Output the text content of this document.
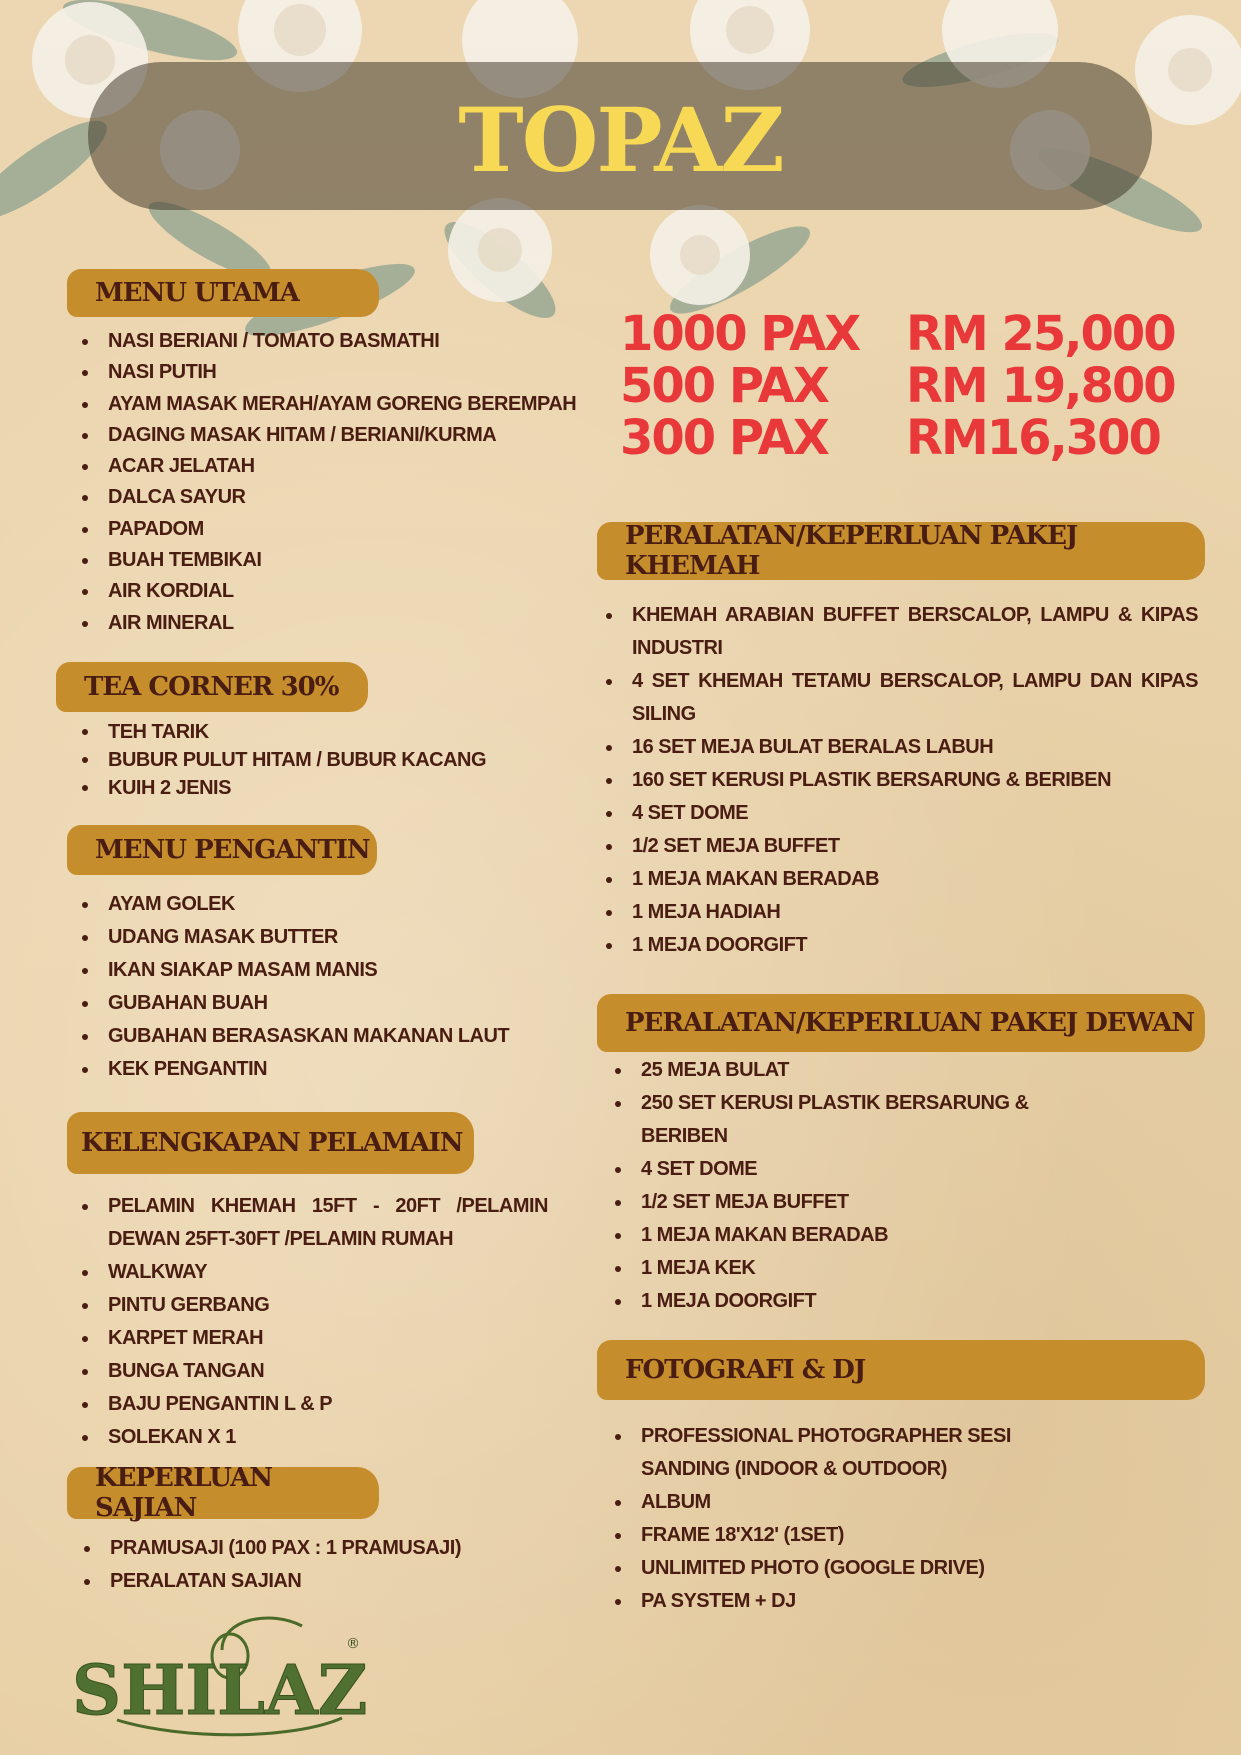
TOPAZ
1000 PAX RM 25,000
500 PAX RM 19,800
300 PAX RM16,300
MENU UTAMA
NASI BERIANI / TOMATO BASMATHI
NASI PUTIH
AYAM MASAK MERAH/AYAM GORENG BEREMPAH
DAGING MASAK HITAM / BERIANI/KURMA
ACAR JELATAH
DALCA SAYUR
PAPADOM
BUAH TEMBIKAI
AIR KORDIAL
AIR MINERAL
TEA CORNER 30%
TEH TARIK
BUBUR PULUT HITAM / BUBUR KACANG
KUIH 2 JENIS
MENU PENGANTIN
AYAM GOLEK
UDANG MASAK BUTTER
IKAN SIAKAP MASAM MANIS
GUBAHAN BUAH
GUBAHAN BERASASKAN MAKANAN LAUT
KEK PENGANTIN
KELENGKAPAN PELAMAIN
PELAMIN KHEMAH 15FT - 20FT /PELAMIN DEWAN 25FT-30FT /PELAMIN RUMAH
WALKWAY
PINTU GERBANG
KARPET MERAH
BUNGA TANGAN
BAJU PENGANTIN L & P
SOLEKAN X 1
KEPERLUAN SAJIAN
PRAMUSAJI (100 PAX : 1 PRAMUSAJI)
PERALATAN SAJIAN
PERALATAN/KEPERLUAN PAKEJ KHEMAH
KHEMAH ARABIAN BUFFET BERSCALOP, LAMPU & KIPAS INDUSTRI
4 SET KHEMAH TETAMU BERSCALOP, LAMPU DAN KIPAS SILING
16 SET MEJA BULAT BERALAS LABUH
160 SET KERUSI PLASTIK BERSARUNG & BERIBEN
4 SET DOME
1/2 SET MEJA BUFFET
1 MEJA MAKAN BERADAB
1 MEJA HADIAH
1 MEJA DOORGIFT
PERALATAN/KEPERLUAN PAKEJ DEWAN
25 MEJA BULAT
250 SET KERUSI PLASTIK BERSARUNG & BERIBEN
4 SET DOME
1/2 SET MEJA BUFFET
1 MEJA MAKAN BERADAB
1 MEJA KEK
1 MEJA DOORGIFT
FOTOGRAFI & DJ
PROFESSIONAL PHOTOGRAPHER SESI SANDING (INDOOR & OUTDOOR)
ALBUM
FRAME 18'X12' (1SET)
UNLIMITED PHOTO (GOOGLE DRIVE)
PA SYSTEM + DJ
SHILAZ
®
